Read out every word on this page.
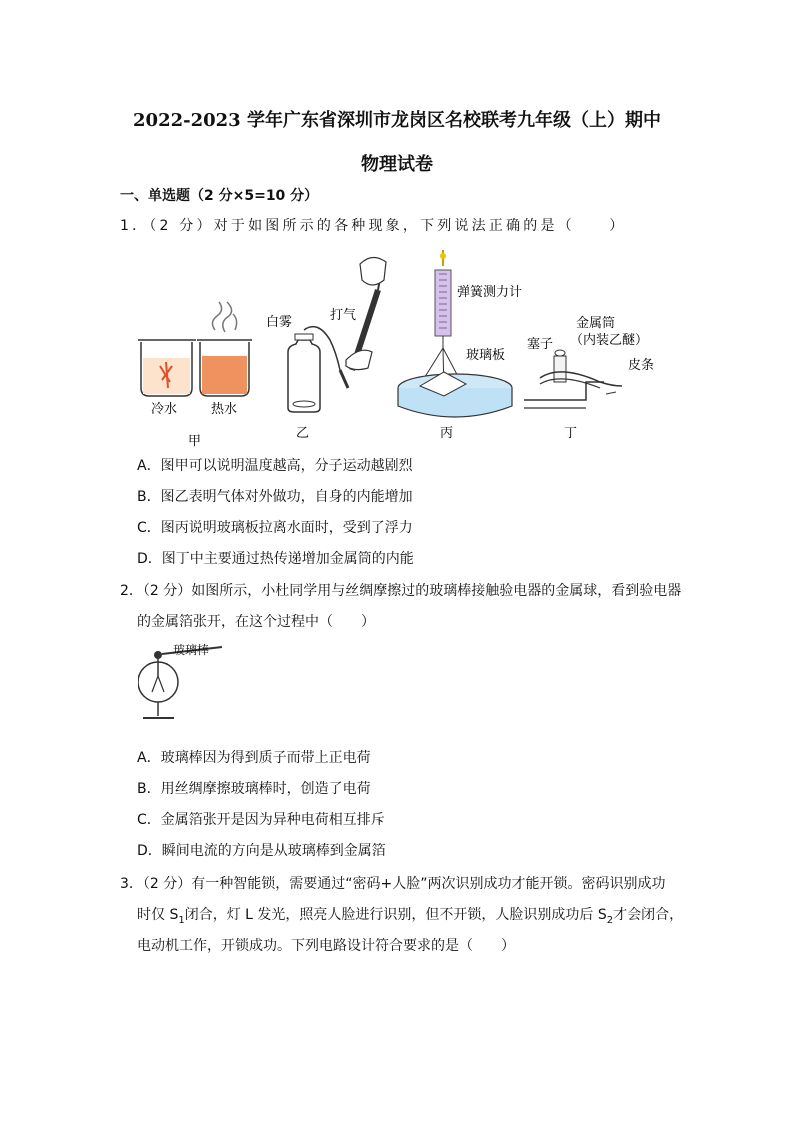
2022-2023 学年广东省深圳市龙岗区名校联考九年级（上）期中
物理试卷
一、单选题（2 分×5=10 分）
1．（2 分）对于如图所示的各种现象，下列说法正确的是（　　）
冷水	热水
甲
白雾	打气
乙
弹簧测力计
玻璃板
丙
金属筒
（内装乙醚）
塞子
皮条
丁
A．图甲可以说明温度越高，分子运动越剧烈
B．图乙表明气体对外做功，自身的内能增加
C．图丙说明玻璃板拉离水面时，受到了浮力
D．图丁中主要通过热传递增加金属筒的内能
2．（2 分）如图所示，小杜同学用与丝绸摩擦过的玻璃棒接触验电器的金属球，看到验电器
的金属箔张开，在这个过程中（　　）
玻璃棒
A．玻璃棒因为得到质子而带上正电荷
B．用丝绸摩擦玻璃棒时，创造了电荷
C．金属箔张开是因为异种电荷相互排斥
D．瞬间电流的方向是从玻璃棒到金属箔
3．（2 分）有一种智能锁，需要通过“密码+人脸”两次识别成功才能开锁。密码识别成功
时仅 $S_1$闭合，灯 L 发光，照亮人脸进行识别，但不开锁，人脸识别成功后 $S_2$才会闭合，
电动机工作，开锁成功。下列电路设计符合要求的是（　　）
